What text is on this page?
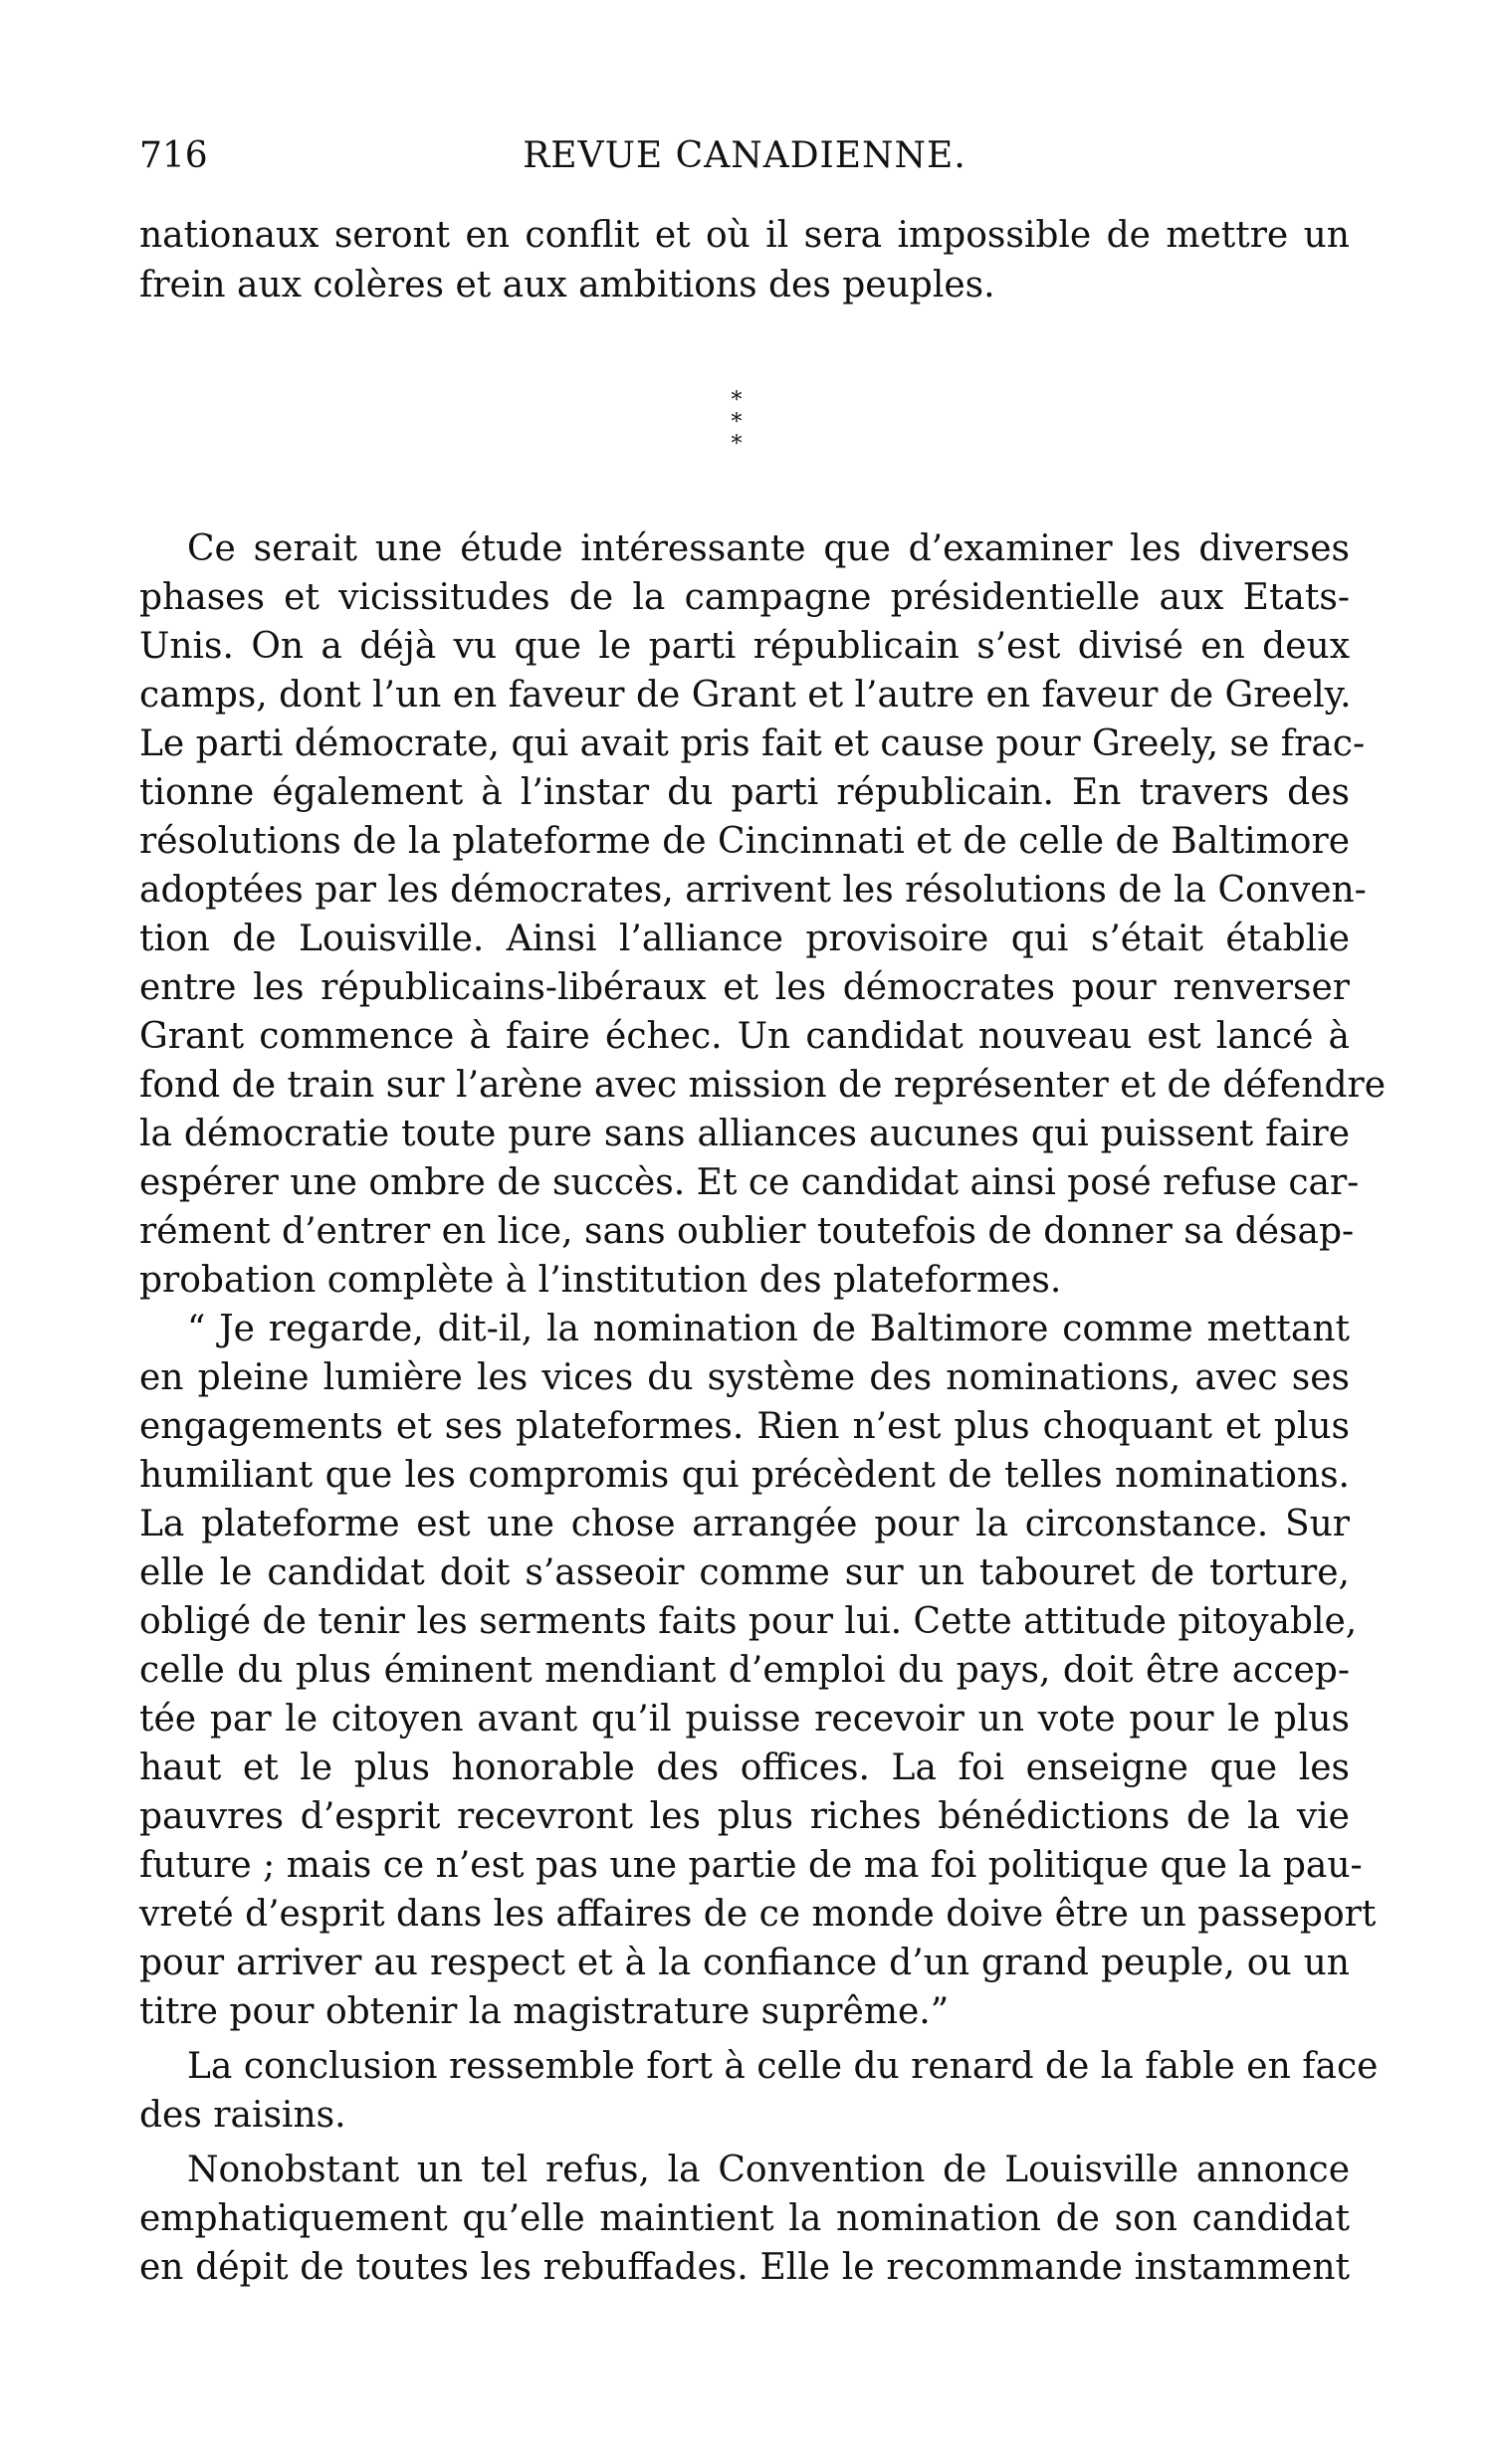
716	REVUE CANADIENNE.
nationaux seront en conflit et où il sera impossible de mettre un
frein aux colères et aux ambitions des peuples.
* *
*
Ce serait une étude intéressante que d’examiner les diverses
phases et vicissitudes de la campagne présidentielle aux Etats-
Unis. On a déjà vu que le parti républicain s’est divisé en deux
camps, dont l’un en faveur de Grant et l’autre en faveur de Greely.
Le parti démocrate, qui avait pris fait et cause pour Greely, se frac-
tionne également à l’instar du parti républicain. En travers des
résolutions de la plateforme de Cincinnati et de celle de Baltimore
adoptées par les démocrates, arrivent les résolutions de la Conven-
tion de Louisville. Ainsi l’alliance provisoire qui s’était établie
entre les républicains-libéraux et les démocrates pour renverser
Grant commence à faire échec. Un candidat nouveau est lancé à
fond de train sur l’arène avec mission de représenter et de défendre
la démocratie toute pure sans alliances aucunes qui puissent faire
espérer une ombre de succès. Et ce candidat ainsi posé refuse car-
rément d’entrer en lice, sans oublier toutefois de donner sa désap-
probation complète à l’institution des plateformes.
“ Je regarde, dit-il, la nomination de Baltimore comme mettant
en pleine lumière les vices du système des nominations, avec ses
engagements et ses plateformes. Rien n’est plus choquant et plus
humiliant que les compromis qui précèdent de telles nominations.
La plateforme est une chose arrangée pour la circonstance. Sur
elle le candidat doit s’asseoir comme sur un tabouret de torture,
obligé de tenir les serments faits pour lui. Cette attitude pitoyable,
celle du plus éminent mendiant d’emploi du pays, doit être accep-
tée par le citoyen avant qu’il puisse recevoir un vote pour le plus
haut et le plus honorable des offices. La foi enseigne que les
pauvres d’esprit recevront les plus riches bénédictions de la vie
future ; mais ce n’est pas une partie de ma foi politique que la pau-
vreté d’esprit dans les affaires de ce monde doive être un passeport
pour arriver au respect et à la confiance d’un grand peuple, ou un
titre pour obtenir la magistrature suprême.”
La conclusion ressemble fort à celle du renard de la fable en face
des raisins.
Nonobstant un tel refus, la Convention de Louisville annonce
emphatiquement qu’elle maintient la nomination de son candidat
en dépit de toutes les rebuffades. Elle le recommande instamment
